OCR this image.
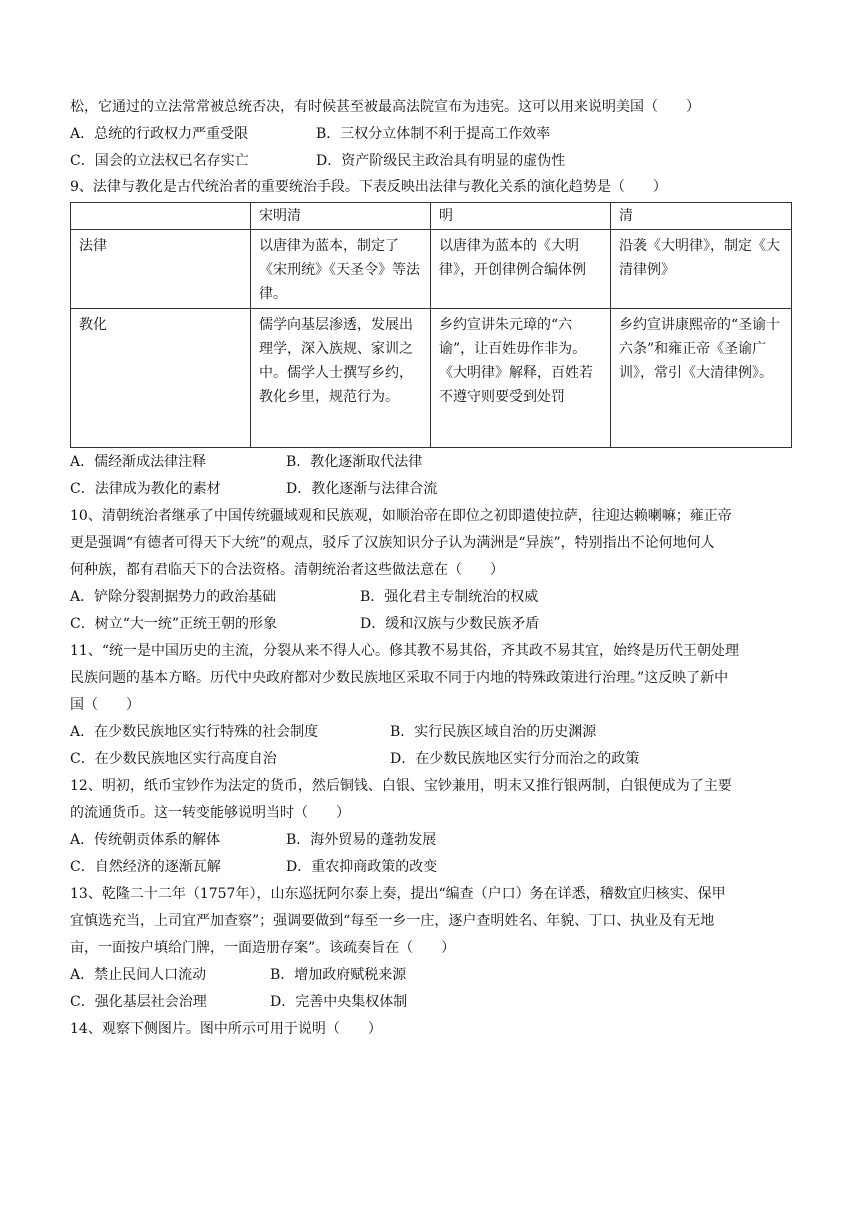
松，它通过的立法常常被总统否决，有时候甚至被最高法院宣布为违宪。这可以用来说明美国（　　）
A．总统的行政权力严重受限	B．三权分立体制不利于提高工作效率
C．国会的立法权已名存实亡	D．资产阶级民主政治具有明显的虚伪性
9、法律与教化是古代统治者的重要统治手段。下表反映出法律与教化关系的演化趋势是（　　）
	宋明清	明	清
法律	以唐律为蓝本，制定了《宋刑统》《天圣令》等法律。	以唐律为蓝本的《大明律》，开创律例合编体例	沿袭《大明律》，制定《大清律例》
教化	儒学向基层渗透，发展出理学，深入族规、家训之中。儒学人士撰写乡约，教化乡里，规范行为。	乡约宣讲朱元璋的“六谕”，让百姓毋作非为。《大明律》解释，百姓若不遵守则要受到处罚	乡约宣讲康熙帝的“圣谕十六条”和雍正帝《圣谕广训》，常引《大清律例》。
A．儒经渐成法律注释	B．教化逐渐取代法律
C．法律成为教化的素材	D．教化逐渐与法律合流
10、清朝统治者继承了中国传统疆域观和民族观，如顺治帝在即位之初即遣使拉萨，往迎达赖喇嘛；雍正帝
更是强调“有德者可得天下大统”的观点，驳斥了汉族知识分子认为满洲是“异族”，特别指出不论何地何人
何种族，都有君临天下的合法资格。清朝统治者这些做法意在（　　）
A．铲除分裂割据势力的政治基础	B．强化君主专制统治的权威
C．树立“大一统”正统王朝的形象	D．缓和汉族与少数民族矛盾
11、“统一是中国历史的主流，分裂从来不得人心。修其教不易其俗，齐其政不易其宜，始终是历代王朝处理
民族问题的基本方略。历代中央政府都对少数民族地区采取不同于内地的特殊政策进行治理。”这反映了新中
国（　　）
A．在少数民族地区实行特殊的社会制度	B．实行民族区域自治的历史渊源
C．在少数民族地区实行高度自治	D．在少数民族地区实行分而治之的政策
12、明初，纸币宝钞作为法定的货币，然后铜钱、白银、宝钞兼用，明末又推行银两制，白银便成为了主要
的流通货币。这一转变能够说明当时（　　）
A．传统朝贡体系的解体	B．海外贸易的蓬勃发展
C．自然经济的逐渐瓦解	D．重农抑商政策的改变
13、乾隆二十二年（1757年），山东巡抚阿尔泰上奏，提出“编查（户口）务在详悉，稽数宜归核实、保甲
宜慎选充当，上司宜严加查察”；强调要做到“每至一乡一庄，逐户查明姓名、年貌、丁口、执业及有无地
亩，一面按户填给门牌，一面造册存案”。该疏奏旨在（　　）
A．禁止民间人口流动	B．增加政府赋税来源
C．强化基层社会治理	D．完善中央集权体制
14、观察下侧图片。图中所示可用于说明（　　）
